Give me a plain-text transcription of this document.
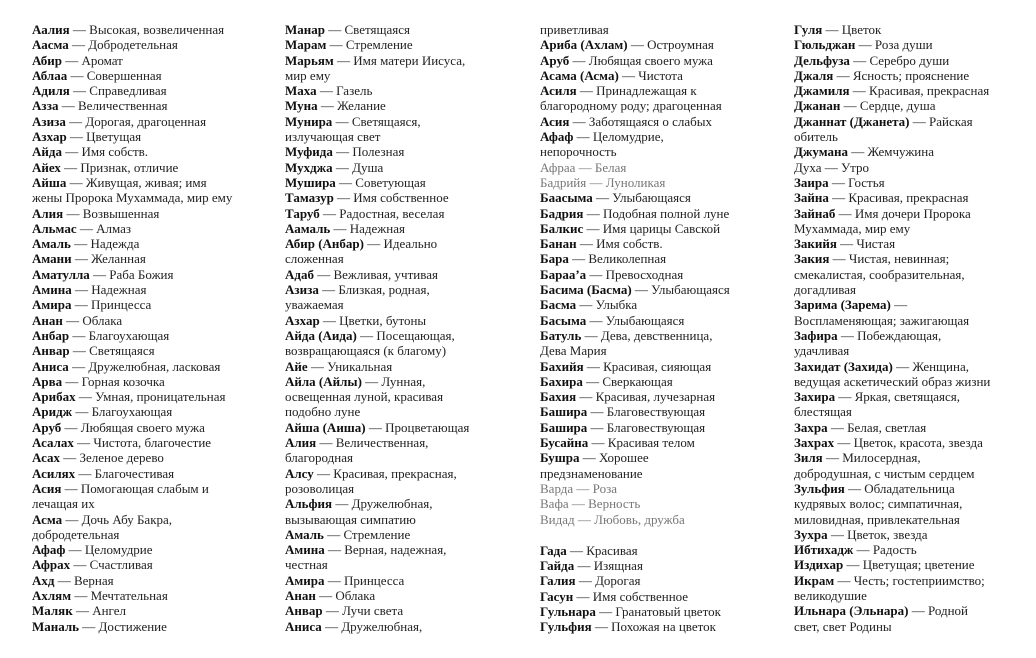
Аалия — Высокая, возвеличенная
Аасма — Добродетельная
Абир — Аромат
Аблаа — Совершенная
Адиля — Справедливая
Азза — Величественная
Азиза — Дорогая, драгоценная
Азхар — Цветущая
Айда — Имя собств.
Айех — Признак, отличие
Айша — Живущая, живая; имя
жены Пророка Мухаммада, мир ему
Алия — Возвышенная
Альмас — Алмаз
Амаль — Надежда
Амани — Желанная
Аматулла — Раба Божия
Амина — Надежная
Амира — Принцесса
Анан — Облака
Анбар — Благоухающая
Анвар — Светящаяся
Аниса — Дружелюбная, ласковая
Арва — Горная козочка
Арибах — Умная, проницательная
Аридж — Благоухающая
Аруб — Любящая своего мужа
Асалах — Чистота, благочестие
Асах — Зеленое дерево
Асилях — Благочестивая
Асия — Помогающая слабым и
лечащая их
Асма — Дочь Абу Бакра,
добродетельная
Афаф — Целомудрие
Афрах — Счастливая
Ахд — Верная
Ахлям — Мечтательная
Маляк — Ангел
Маналь — Достижение
Манар — Светящаяся
Марам — Стремление
Марьям — Имя матери Иисуса,
мир ему
Маха — Газель
Муна — Желание
Мунира — Светящаяся,
излучающая свет
Муфида — Полезная
Мухджа — Душа
Мушира — Советующая
Тамазур — Имя собственное
Таруб — Радостная, веселая
Аамаль — Надежная
Абир (Анбар) — Идеально
сложенная
Адаб — Вежливая, учтивая
Азиза — Близкая, родная,
уважаемая
Азхар — Цветки, бутоны
Айда (Аида) — Посещающая,
возвращающаяся (к благому)
Айе — Уникальная
Айла (Айлы) — Лунная,
освещенная луной, красивая
подобно луне
Айша (Аиша) — Процветающая
Алия — Величественная,
благородная
Алсу — Красивая, прекрасная,
розоволицая
Альфия — Дружелюбная,
вызывающая симпатию
Амаль — Стремление
Амина — Верная, надежная,
честная
Амира — Принцесса
Анан — Облака
Анвар — Лучи света
Аниса — Дружелюбная,
приветливая
Ариба (Ахлам) — Остроумная
Аруб — Любящая своего мужа
Асама (Асма) — Чистота
Асиля — Принадлежащая к
благородному роду; драгоценная
Асия — Заботящаяся о слабых
Афаф — Целомудрие,
непорочность
Афраа — Белая
Бадрийя — Луноликая
Баасыма — Улыбающаяся
Бадрия — Подобная полной луне
Балкис — Имя царицы Савской
Банан — Имя собств.
Бара — Великолепная
Бараа’а — Превосходная
Басима (Басма) — Улыбающаяся
Басма — Улыбка
Басыма — Улыбающаяся
Батуль — Дева, девственница,
Дева Мария
Бахийя — Красивая, сияющая
Бахира — Сверкающая
Бахия — Красивая, лучезарная
Башира — Благовествующая
Башира — Благовествующая
Бусайна — Красивая телом
Бушра — Хорошее
предзнаменование
Варда — Роза
Вафа — Верность
Видад — Любовь, дружба
Гада — Красивая
Гайда — Изящная
Галия — Дорогая
Гасун — Имя собственное
Гульнара — Гранатовый цветок
Гульфия — Похожая на цветок
Гуля — Цветок
Гюльджан — Роза души
Дельфуза — Серебро души
Джаля — Ясность; прояснение
Джамиля — Красивая, прекрасная
Джанан — Сердце, душа
Джаннат (Джанета) — Райская
обитель
Джумана — Жемчужина
Духа — Утро
Заира — Гостья
Зайна — Красивая, прекрасная
Зайнаб — Имя дочери Пророка
Мухаммада, мир ему
Закийя — Чистая
Закия — Чистая, невинная;
смекалистая, сообразительная,
догадливая
Зарима (Зарема) —
Воспламеняющая; зажигающая
Зафира — Побеждающая,
удачливая
Захидат (Захида) — Женщина,
ведущая аскетический образ жизни
Захира — Яркая, светящаяся,
блестящая
Захра — Белая, светлая
Захрах — Цветок, красота, звезда
Зиля — Милосердная,
добродушная, с чистым сердцем
Зульфия — Обладательница
кудрявых волос; симпатичная,
миловидная, привлекательная
Зухра — Цветок, звезда
Ибтихадж — Радость
Издихар — Цветущая; цветение
Икрам — Честь; гостеприимство;
великодушие
Ильнара (Эльнара) — Родной
свет, свет Родины
